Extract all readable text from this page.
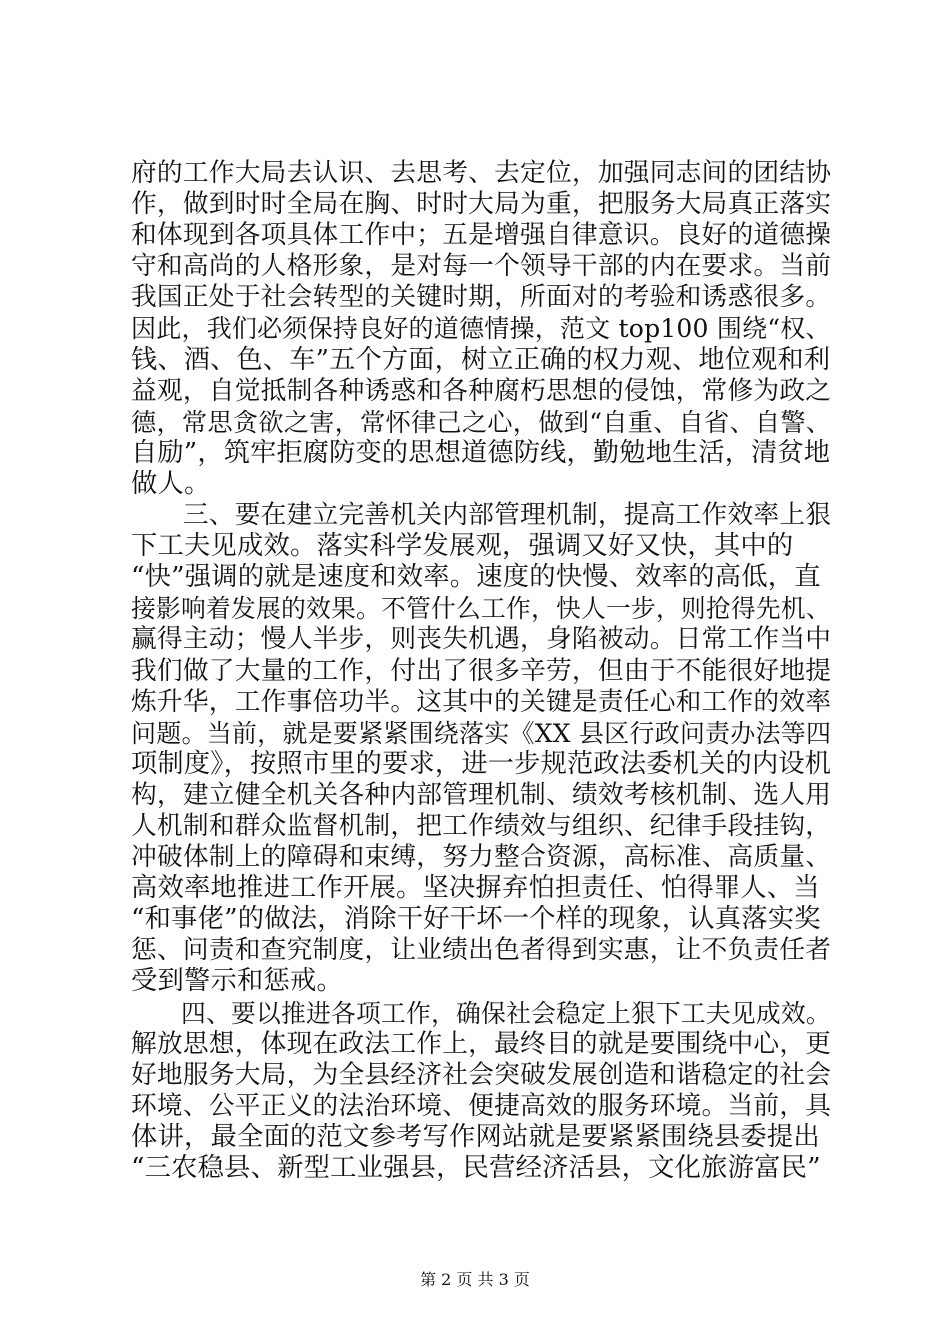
府的工作大局去认识、去思考、去定位，加强同志间的团结协
作，做到时时全局在胸、时时大局为重，把服务大局真正落实
和体现到各项具体工作中；五是增强自律意识。良好的道德操
守和高尚的人格形象，是对每一个领导干部的内在要求。当前
我国正处于社会转型的关键时期，所面对的考验和诱惑很多。
因此，我们必须保持良好的道德情操，范文 top100 围绕“权、
钱、酒、色、车”五个方面，树立正确的权力观、地位观和利
益观，自觉抵制各种诱惑和各种腐朽思想的侵蚀，常修为政之
德，常思贪欲之害，常怀律己之心，做到“自重、自省、自警、
自励”，筑牢拒腐防变的思想道德防线，勤勉地生活，清贫地
做人。
　　三、要在建立完善机关内部管理机制，提高工作效率上狠
下工夫见成效。落实科学发展观，强调又好又快，其中的
“快”强调的就是速度和效率。速度的快慢、效率的高低，直
接影响着发展的效果。不管什么工作，快人一步，则抢得先机、
赢得主动；慢人半步，则丧失机遇，身陷被动。日常工作当中
我们做了大量的工作，付出了很多辛劳，但由于不能很好地提
炼升华，工作事倍功半。这其中的关键是责任心和工作的效率
问题。当前，就是要紧紧围绕落实《XX 县区行政问责办法等四
项制度》，按照市里的要求，进一步规范政法委机关的内设机
构，建立健全机关各种内部管理机制、绩效考核机制、选人用
人机制和群众监督机制，把工作绩效与组织、纪律手段挂钩，
冲破体制上的障碍和束缚，努力整合资源，高标准、高质量、
高效率地推进工作开展。坚决摒弃怕担责任、怕得罪人、当
“和事佬”的做法，消除干好干坏一个样的现象，认真落实奖
惩、问责和查究制度，让业绩出色者得到实惠，让不负责任者
受到警示和惩戒。
　　四、要以推进各项工作，确保社会稳定上狠下工夫见成效。
解放思想，体现在政法工作上，最终目的就是要围绕中心，更
好地服务大局，为全县经济社会突破发展创造和谐稳定的社会
环境、公平正义的法治环境、便捷高效的服务环境。当前，具
体讲，最全面的范文参考写作网站就是要紧紧围绕县委提出
“三农稳县、新型工业强县，民营经济活县，文化旅游富民”
第 2 页 共 3 页
